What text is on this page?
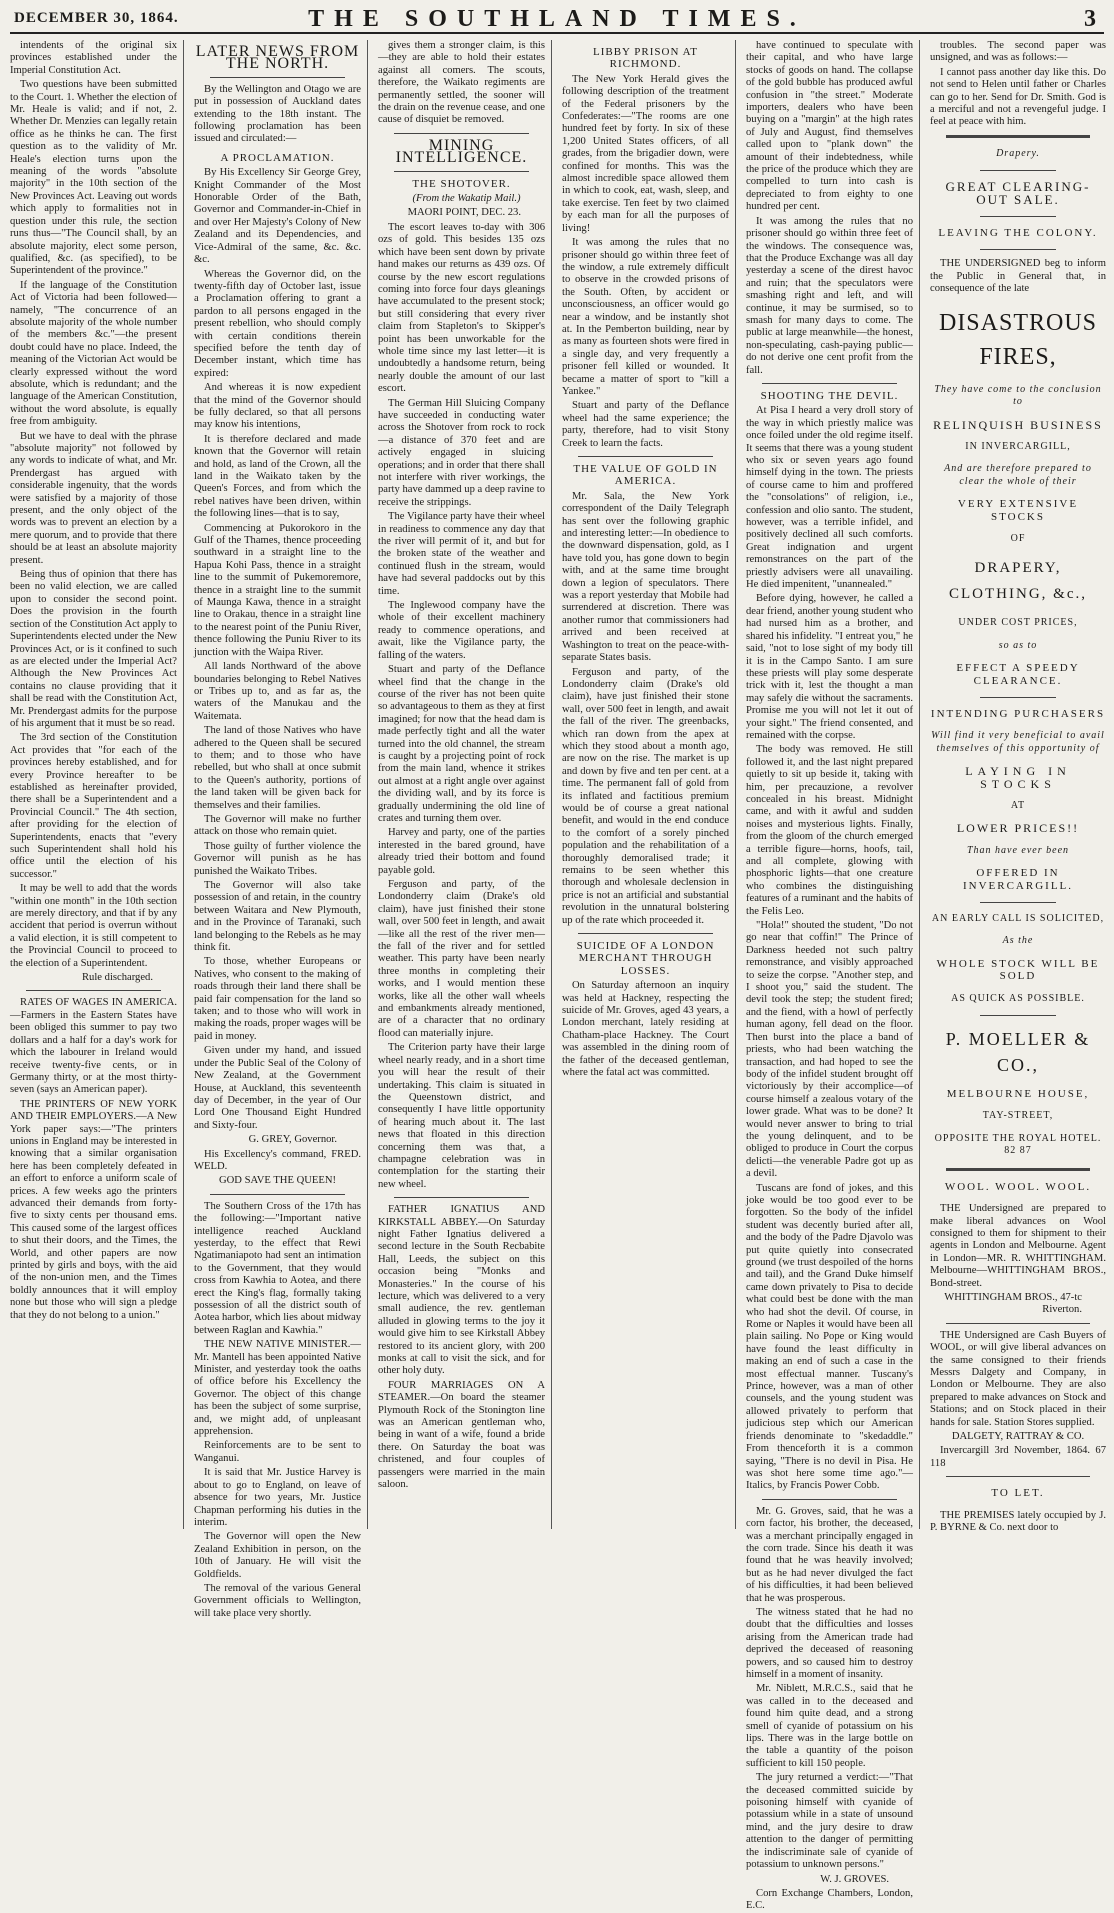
DECEMBER 30, 1864.	THE SOUTHLAND TIMES.	3

intendents of the original six provinces established under the Imperial Constitution Act.

Two questions have been submitted to the Court. 1. Whether the election of Mr. Heale is valid; and if not, 2. Whether Dr. Menzies can legally retain office as he thinks he can. The first question as to the validity of Mr. Heale's election turns upon the meaning of the words "absolute majority" in the 10th section of the New Provinces Act. Leaving out words which apply to formalities not in question under this rule, the section runs thus—"The Council shall, by an absolute majority, elect some person, qualified, &c. (as specified), to be Superintendent of the province."

If the language of the Constitution Act of Victoria had been followed—namely, "The concurrence of an absolute majority of the whole number of the members &c."—the present doubt could have no place. Indeed, the meaning of the Victorian Act would be clearly expressed without the word absolute, which is redundant; and the language of the American Constitution, without the word absolute, is equally free from ambiguity.

But we have to deal with the phrase "absolute majority" not followed by any words to indicate of what, and Mr. Prendergast has argued with considerable ingenuity, that the words were satisfied by a majority of those present, and the only object of the words was to prevent an election by a mere quorum, and to provide that there should be at least an absolute majority present.

Being thus of opinion that there has been no valid election, we are called upon to consider the second point. Does the provision in the fourth section of the Constitution Act apply to Superintendents elected under the New Provinces Act, or is it confined to such as are elected under the Imperial Act? Although the New Provinces Act contains no clause providing that it shall be read with the Constitution Act, Mr. Prendergast admits for the purpose of his argument that it must be so read.

The 3rd section of the Constitution Act provides that "for each of the provinces hereby established, and for every Province hereafter to be established as hereinafter provided, there shall be a Superintendent and a Provincial Council." The 4th section, after providing for the election of Superintendents, enacts that "every such Superintendent shall hold his office until the election of his successor."

It may be well to add that the words "within one month" in the 10th section are merely directory, and that if by any accident that period is overrun without a valid election, it is still competent to the Provincial Council to proceed to the election of a Superintendent.

Rule discharged.

RATES OF WAGES IN AMERICA.—Farmers in the Eastern States have been obliged this summer to pay two dollars and a half for a day's work for which the labourer in Ireland would receive twenty-five cents, or in Germany thirty, or at the most thirty-seven (says an American paper).

THE PRINTERS OF NEW YORK AND THEIR EMPLOYERS.—A New York paper says:—"The printers unions in England may be interested in knowing that a similar organisation here has been completely defeated in an effort to enforce a uniform scale of prices. A few weeks ago the printers advanced their demands from forty-five to sixty cents per thousand ems. This caused some of the largest offices to shut their doors, and the Times, the World, and other papers are now printed by girls and boys, with the aid of the non-union men, and the Times boldly announces that it will employ none but those who will sign a pledge that they do not belong to a union."

LATER NEWS FROM THE NORTH.

By the Wellington and Otago we are put in possession of Auckland dates extending to the 18th instant. The following proclamation has been issued and circulated:—

A PROCLAMATION.

By His Excellency Sir George Grey, Knight Commander of the Most Honorable Order of the Bath, Governor and Commander-in-Chief in and over Her Majesty's Colony of New Zealand and its Dependencies, and Vice-Admiral of the same, &c. &c. &c.

Whereas the Governor did, on the twenty-fifth day of October last, issue a Proclamation offering to grant a pardon to all persons engaged in the present rebellion, who should comply with certain conditions therein specified before the tenth day of December instant, which time has expired:

And whereas it is now expedient that the mind of the Governor should be fully declared, so that all persons may know his intentions,

It is therefore declared and made known that the Governor will retain and hold, as land of the Crown, all the land in the Waikato taken by the Queen's Forces, and from which the rebel natives have been driven, within the following lines—that is to say,

Commencing at Pukorokoro in the Gulf of the Thames, thence proceeding southward in a straight line to the Hapua Kohi Pass, thence in a straight line to the summit of Pukemoremore, thence in a straight line to the summit of Maunga Kawa, thence in a straight line to Orakau, thence in a straight line to the nearest point of the Puniu River, thence following the Puniu River to its junction with the Waipa River.

All lands Northward of the above boundaries belonging to Rebel Natives or Tribes up to, and as far as, the waters of the Manukau and the Waitemata.

The land of those Natives who have adhered to the Queen shall be secured to them; and to those who have rebelled, but who shall at once submit to the Queen's authority, portions of the land taken will be given back for themselves and their families.

The Governor will make no further attack on those who remain quiet.

Those guilty of further violence the Governor will punish as he has punished the Waikato Tribes.

The Governor will also take possession of and retain, in the country between Waitara and New Plymouth, and in the Province of Taranaki, such land belonging to the Rebels as he may think fit.

To those, whether Europeans or Natives, who consent to the making of roads through their land there shall be paid fair compensation for the land so taken; and to those who will work in making the roads, proper wages will be paid in money.

Given under my hand, and issued under the Public Seal of the Colony of New Zealand, at the Government House, at Auckland, this seventeenth day of December, in the year of Our Lord One Thousand Eight Hundred and Sixty-four.

G. GREY, Governor.

His Excellency's command, FRED. WELD.

GOD SAVE THE QUEEN!

The Southern Cross of the 17th has the following:—"Important native intelligence reached Auckland yesterday, to the effect that Rewi Ngatimaniapoto had sent an intimation to the Government, that they would cross from Kawhia to Aotea, and there erect the King's flag, formally taking possession of all the district south of Aotea harbor, which lies about midway between Raglan and Kawhia."

THE NEW NATIVE MINISTER.—Mr. Mantell has been appointed Native Minister, and yesterday took the oaths of office before his Excellency the Governor. The object of this change has been the subject of some surprise, and, we might add, of unpleasant apprehension.

Reinforcements are to be sent to Wanganui.

It is said that Mr. Justice Harvey is about to go to England, on leave of absence for two years, Mr. Justice Chapman performing his duties in the interim.

The Governor will open the New Zealand Exhibition in person, on the 10th of January. He will visit the Goldfields.

The removal of the various General Government officials to Wellington, will take place very shortly.

gives them a stronger claim, is this—they are able to hold their estates against all comers. The scouts, therefore, the Waikato regiments are permanently settled, the sooner will the drain on the revenue cease, and one cause of disquiet be removed.

MINING INTELLIGENCE.
THE SHOTOVER.

(From the Wakatip Mail.)

MAORI POINT, DEC. 23.

The escort leaves to-day with 306 ozs of gold. This besides 135 ozs which have been sent down by private hand makes our returns as 439 ozs. Of course by the new escort regulations coming into force four days gleanings have accumulated to the present stock; but still considering that every river claim from Stapleton's to Skipper's point has been unworkable for the whole time since my last letter—it is undoubtedly a handsome return, being nearly double the amount of our last escort.

The German Hill Sluicing Company have succeeded in conducting water across the Shotover from rock to rock—a distance of 370 feet and are actively engaged in sluicing operations; and in order that there shall not interfere with river workings, the party have dammed up a deep ravine to receive the strippings.

The Vigilance party have their wheel in readiness to commence any day that the river will permit of it, and but for the broken state of the weather and continued flush in the stream, would have had several paddocks out by this time.

The Inglewood company have the whole of their excellent machinery ready to commence operations, and await, like the Vigilance party, the falling of the waters.

Stuart and party of the Deflance wheel find that the change in the course of the river has not been quite so advantageous to them as they at first imagined; for now that the head dam is made perfectly tight and all the water turned into the old channel, the stream is caught by a projecting point of rock from the main land, whence it strikes out almost at a right angle over against the dividing wall, and by its force is gradually undermining the old line of crates and turning them over.

Harvey and party, one of the parties interested in the bared ground, have already tried their bottom and found payable gold.

Ferguson and party, of the Londonderry claim (Drake's old claim), have just finished their stone wall, over 500 feet in length, and await—like all the rest of the river men—the fall of the river and for settled weather. This party have been nearly three months in completing their works, and I would mention these works, like all the other wall wheels and embankments already mentioned, are of a character that no ordinary flood can materially injure.

The Criterion party have their large wheel nearly ready, and in a short time you will hear the result of their undertaking. This claim is situated in the Queenstown district, and consequently I have little opportunity of hearing much about it. The last news that floated in this direction concerning them was that, a champagne celebration was in contemplation for the starting their new wheel.

FATHER IGNATIUS AND KIRKSTALL ABBEY.—On Saturday night Father Ignatius delivered a second lecture in the South Recbabite Hall, Leeds, the subject on this occasion being "Monks and Monasteries." In the course of his lecture, which was delivered to a very small audience, the rev. gentleman alluded in glowing terms to the joy it would give him to see Kirkstall Abbey restored to its ancient glory, with 200 monks at call to visit the sick, and for other holy duty.

FOUR MARRIAGES ON A STEAMER.—On board the steamer Plymouth Rock of the Stonington line was an American gentleman who, being in want of a wife, found a bride there. On Saturday the boat was christened, and four couples of passengers were married in the main saloon.

LIBBY PRISON AT RICHMOND.

The New York Herald gives the following description of the treatment of the Federal prisoners by the Confederates:—"The rooms are one hundred feet by forty. In six of these 1,200 United States officers, of all grades, from the brigadier down, were confined for months. This was the almost incredible space allowed them in which to cook, eat, wash, sleep, and take exercise. Ten feet by two claimed by each man for all the purposes of living!

It was among the rules that no prisoner should go within three feet of the window, a rule extremely difficult to observe in the crowded prisons of the South. Often, by accident or unconsciousness, an officer would go near a window, and be instantly shot at. In the Pemberton building, near by as many as fourteen shots were fired in a single day, and very frequently a prisoner fell killed or wounded. It became a matter of sport to "kill a Yankee."

Stuart and party of the Deflance wheel had the same experience; the party, therefore, had to visit Stony Creek to learn the facts.

THE VALUE OF GOLD IN AMERICA.

Mr. Sala, the New York correspondent of the Daily Telegraph has sent over the following graphic and interesting letter:—In obedience to the downward dispensation, gold, as I have told you, has gone down to begin with, and at the same time brought down a legion of speculators. There was a report yesterday that Mobile had surrendered at discretion. There was another rumor that commissioners had arrived and been received at Washington to treat on the peace-with-separate States basis.

Ferguson and party, of the Londonderry claim (Drake's old claim), have just finished their stone wall, over 500 feet in length, and await the fall of the river. The greenbacks, which ran down from the apex at which they stood about a month ago, are now on the rise. The market is up and down by five and ten per cent. at a time. The permanent fall of gold from its inflated and factitious premium would be of course a great national benefit, and would in the end conduce to the comfort of a sorely pinched population and the rehabilitation of a thoroughly demoralised trade; it remains to be seen whether this thorough and wholesale declension in price is not an artificial and substantial revolution in the unnatural bolstering up of the rate which proceeded it.

SUICIDE OF A LONDON MERCHANT THROUGH LOSSES.

On Saturday afternoon an inquiry was held at Hackney, respecting the suicide of Mr. Groves, aged 43 years, a London merchant, lately residing at Chatham-place Hackney. The Court was assembled in the dining room of the father of the deceased gentleman, where the fatal act was committed.

have continued to speculate with their capital, and who have large stocks of goods on hand. The collapse of the gold bubble has produced awful confusion in "the street." Moderate importers, dealers who have been buying on a "margin" at the high rates of July and August, find themselves called upon to "plank down" the amount of their indebtedness, while the price of the produce which they are compelled to turn into cash is depreciated to from eighty to one hundred per cent.

It was among the rules that no prisoner should go within three feet of the windows. The consequence was, that the Produce Exchange was all day yesterday a scene of the direst havoc and ruin; that the speculators were smashing right and left, and will continue, it may be surmised, so to smash for many days to come. The public at large meanwhile—the honest, non-speculating, cash-paying public—do not derive one cent profit from the fall.

SHOOTING THE DEVIL.

At Pisa I heard a very droll story of the way in which priestly malice was once foiled under the old regime itself. It seems that there was a young student who six or seven years ago found himself dying in the town. The priests of course came to him and proffered the "consolations" of religion, i.e., confession and olio santo. The student, however, was a terrible infidel, and positively declined all such comforts. Great indignation and urgent remonstrances on the part of the priestly advisers were all unavailing. He died impenitent, "unannealed."

Before dying, however, he called a dear friend, another young student who had nursed him as a brother, and shared his infidelity. "I entreat you," he said, "not to lose sight of my body till it is in the Campo Santo. I am sure these priests will play some desperate trick with it, lest the thought a man may safely die without the sacraments. Promise me you will not let it out of your sight." The friend consented, and remained with the corpse.

The body was removed. He still followed it, and the last night prepared quietly to sit up beside it, taking with him, per precauzione, a revolver concealed in his breast. Midnight came, and with it awful and sudden noises and mysterious lights. Finally, from the gloom of the church emerged a terrible figure—horns, hoofs, tail, and all complete, glowing with phosphoric lights—that one creature who combines the distinguishing features of a ruminant and the habits of the Felis Leo.

"Hola!" shouted the student, "Do not go near that coffin!" The Prince of Darkness heeded not such paltry remonstrance, and visibly approached to seize the corpse. "Another step, and I shoot you," said the student. The devil took the step; the student fired; and the fiend, with a howl of perfectly human agony, fell dead on the floor. Then burst into the place a band of priests, who had been watching the transaction, and had hoped to see the body of the infidel student brought off victoriously by their accomplice—of course himself a zealous votary of the lower grade. What was to be done? It would never answer to bring to trial the young delinquent, and to be obliged to produce in Court the corpus delicti—the venerable Padre got up as a devil.

Tuscans are fond of jokes, and this joke would be too good ever to be forgotten. So the body of the infidel student was decently buried after all, and the body of the Padre Djavolo was put quite quietly into consecrated ground (we trust despoiled of the horns and tail), and the Grand Duke himself came down privately to Pisa to decide what could best be done with the man who had shot the devil. Of course, in Rome or Naples it would have been all plain sailing. No Pope or King would have found the least difficulty in making an end of such a case in the most effectual manner. Tuscany's Prince, however, was a man of other counsels, and the young student was allowed privately to perform that judicious step which our American friends denominate to "skedaddle." From thenceforth it is a common saying, "There is no devil in Pisa. He was shot here some time ago."—Italics, by Francis Power Cobb.

Mr. G. Groves, said, that he was a corn factor, his brother, the deceased, was a merchant principally engaged in the corn trade. Since his death it was found that he was heavily involved; but as he had never divulged the fact of his difficulties, it had been believed that he was prosperous.

The witness stated that he had no doubt that the difficulties and losses arising from the American trade had deprived the deceased of reasoning powers, and so caused him to destroy himself in a moment of insanity.

Mr. Niblett, M.R.C.S., said that he was called in to the deceased and found him quite dead, and a strong smell of cyanide of potassium on his lips. There was in the large bottle on the table a quantity of the poison sufficient to kill 150 people.

The jury returned a verdict:—"That the deceased committed suicide by poisoning himself with cyanide of potassium while in a state of unsound mind, and the jury desire to draw attention to the danger of permitting the indiscriminate sale of cyanide of potassium to unknown persons."

W. J. GROVES.

Corn Exchange Chambers, London, E.C.

troubles. The second paper was unsigned, and was as follows:—

I cannot pass another day like this. Do not send to Helen until father or Charles can go to her. Send for Dr. Smith. God is a merciful and not a revengeful judge. I feel at peace with him.

Drapery.
GREAT CLEARING-OUT SALE.
LEAVING THE COLONY.

THE UNDERSIGNED beg to inform the Public in General that, in consequence of the late

DISASTROUS FIRES,
They have come to the conclusion to
RELINQUISH BUSINESS
IN INVERCARGILL,
And are therefore prepared to clear the whole of their
VERY EXTENSIVE STOCKS
OF
DRAPERY, CLOTHING, &c.,
UNDER COST PRICES,
so as to
EFFECT A SPEEDY CLEARANCE.
INTENDING PURCHASERS
Will find it very beneficial to avail themselves of this opportunity of
LAYING IN STOCKS
AT
LOWER PRICES!!
Than have ever been
OFFERED IN INVERCARGILL.
AN EARLY CALL IS SOLICITED,
As the
WHOLE STOCK WILL BE SOLD
AS QUICK AS POSSIBLE.
P. MOELLER & CO.,
MELBOURNE HOUSE,
TAY-STREET,
OPPOSITE THE ROYAL HOTEL. 82 87
WOOL. WOOL. WOOL.

THE Undersigned are prepared to make liberal advances on Wool consigned to them for shipment to their agents in London and Melbourne. Agent in London—MR. R. WHITTINGHAM. Melbourne—WHITTINGHAM BROS., Bond-street.

WHITTINGHAM BROS., 47-tc Riverton.

THE Undersigned are Cash Buyers of WOOL, or will give liberal advances on the same consigned to their friends Messrs Dalgety and Company, in London or Melbourne. They are also prepared to make advances on Stock and Stations; and on Stock placed in their hands for sale. Station Stores supplied.

DALGETY, RATTRAY & CO.

Invercargill 3rd November, 1864. 67 118

TO LET.

THE PREMISES lately occupied by J. P. BYRNE & Co. next door to
